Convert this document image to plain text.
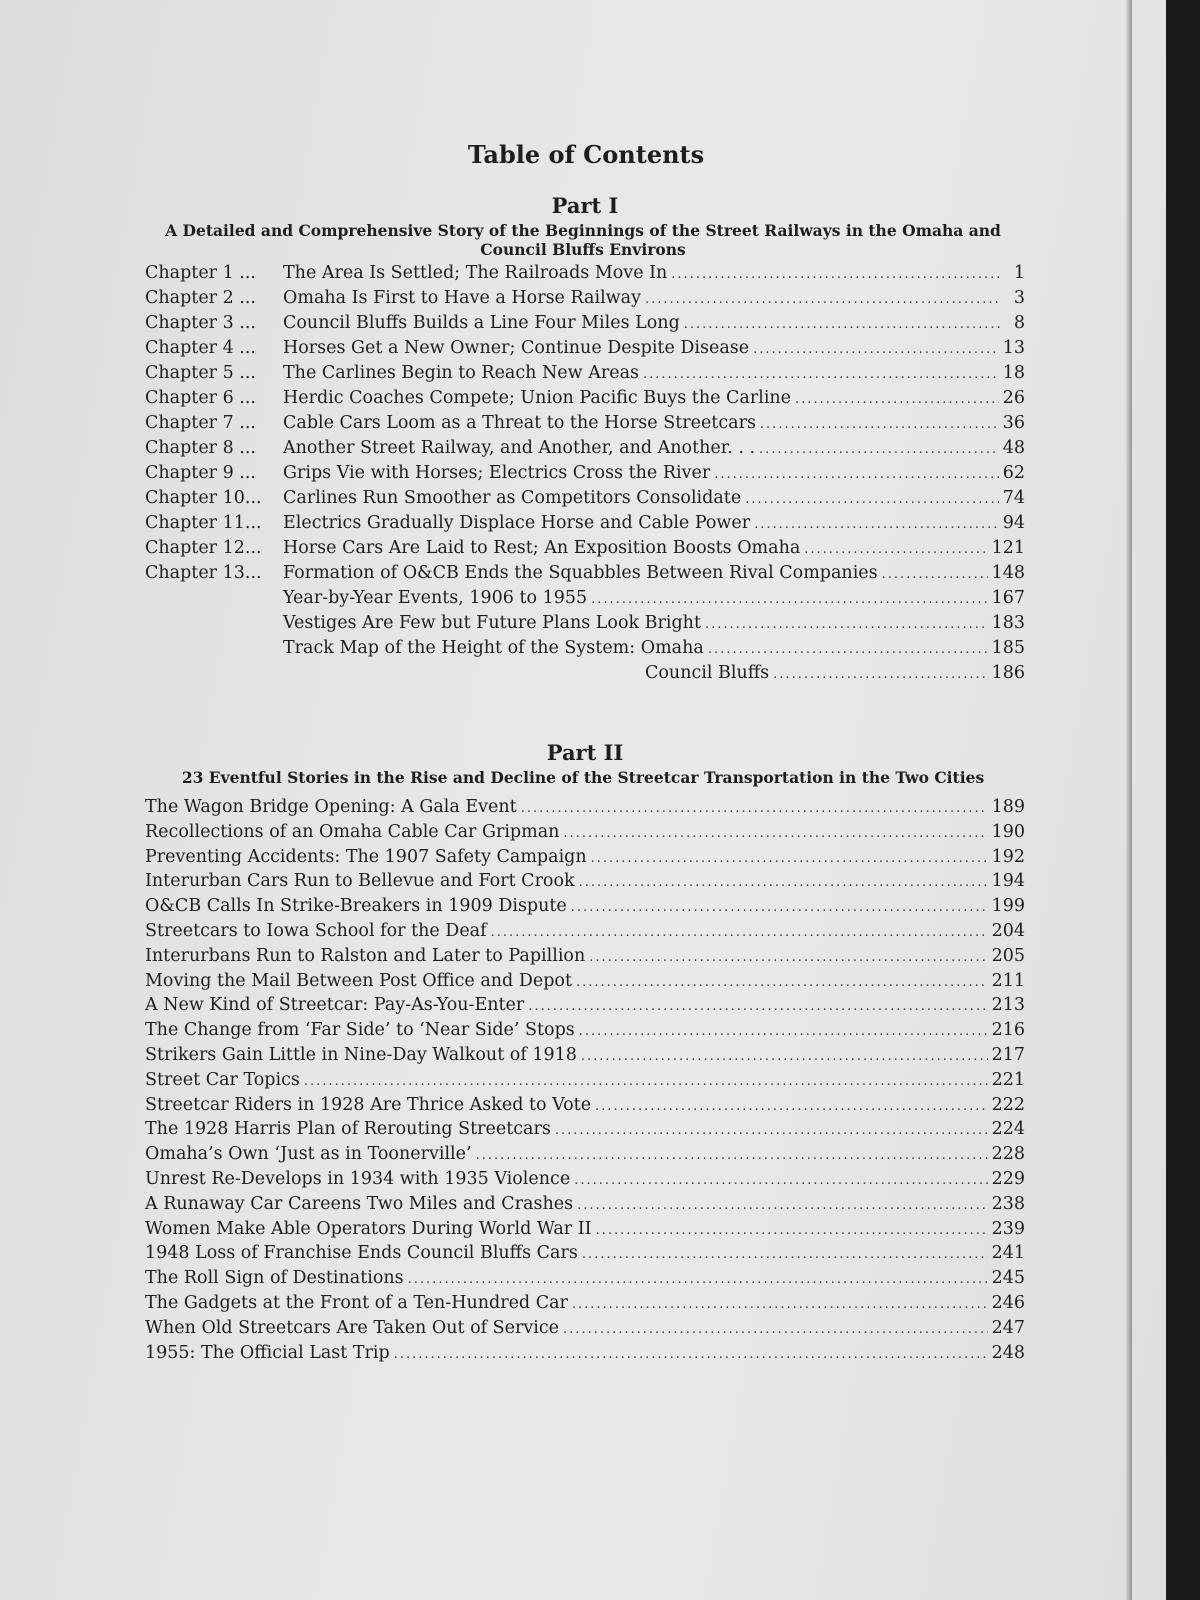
Table of Contents
Part I
A Detailed and Comprehensive Story of the Beginnings of the Street Railways in the Omaha and
Council Bluffs Environs
Chapter 1 ...	The Area Is Settled; The Railroads Move In .....	1
Chapter 2 ...	Omaha Is First to Have a Horse Railway .....	3
Chapter 3 ...	Council Bluffs Builds a Line Four Miles Long .....	8
Chapter 4 ...	Horses Get a New Owner; Continue Despite Disease .....	13
Chapter 5 ...	The Carlines Begin to Reach New Areas .....	18
Chapter 6 ...	Herdic Coaches Compete; Union Pacific Buys the Carline .....	26
Chapter 7 ...	Cable Cars Loom as a Threat to the Horse Streetcars .....	36
Chapter 8 ...	Another Street Railway, and Another, and Another. . . .....	48
Chapter 9 ...	Grips Vie with Horses; Electrics Cross the River .....	62
Chapter 10...	Carlines Run Smoother as Competitors Consolidate .....	74
Chapter 11...	Electrics Gradually Displace Horse and Cable Power .....	94
Chapter 12...	Horse Cars Are Laid to Rest; An Exposition Boosts Omaha .....	121
Chapter 13...	Formation of O&CB Ends the Squabbles Between Rival Companies .....	148
Year-by-Year Events, 1906 to 1955 .....	167
Vestiges Are Few but Future Plans Look Bright .....	183
Track Map of the Height of the System: Omaha .....	185
Council Bluffs .....	186
Part II
23 Eventful Stories in the Rise and Decline of the Streetcar Transportation in the Two Cities
The Wagon Bridge Opening: A Gala Event .....	189
Recollections of an Omaha Cable Car Gripman .....	190
Preventing Accidents: The 1907 Safety Campaign .....	192
Interurban Cars Run to Bellevue and Fort Crook .....	194
O&CB Calls In Strike-Breakers in 1909 Dispute .....	199
Streetcars to Iowa School for the Deaf .....	204
Interurbans Run to Ralston and Later to Papillion .....	205
Moving the Mail Between Post Office and Depot .....	211
A New Kind of Streetcar: Pay-As-You-Enter .....	213
The Change from ‘Far Side’ to ‘Near Side’ Stops .....	216
Strikers Gain Little in Nine-Day Walkout of 1918 .....	217
Street Car Topics .....	221
Streetcar Riders in 1928 Are Thrice Asked to Vote .....	222
The 1928 Harris Plan of Rerouting Streetcars .....	224
Omaha’s Own ‘Just as in Toonerville’ .....	228
Unrest Re-Develops in 1934 with 1935 Violence .....	229
A Runaway Car Careens Two Miles and Crashes .....	238
Women Make Able Operators During World War II .....	239
1948 Loss of Franchise Ends Council Bluffs Cars .....	241
The Roll Sign of Destinations .....	245
The Gadgets at the Front of a Ten-Hundred Car .....	246
When Old Streetcars Are Taken Out of Service .....	247
1955: The Official Last Trip .....	248
